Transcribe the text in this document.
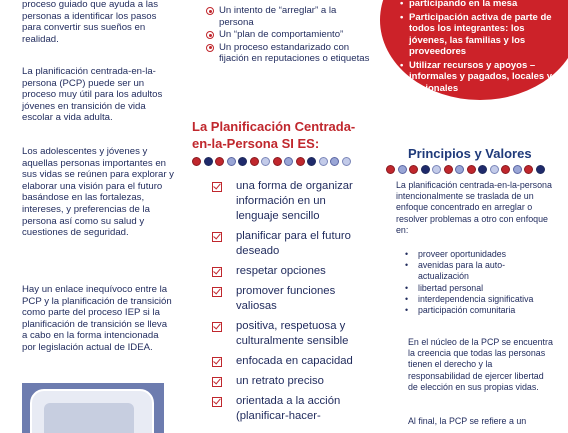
proceso guiado que ayuda a las personas a identificar los pasos para convertir sus sueños en realidad.

La planificación centrada-en-la-persona (PCP) puede ser un proceso muy útil para los adultos jóvenes en transición de vida escolar a vida adulta.

Los adolescentes y jóvenes y aquellas personas importantes en sus vidas se reúnen para explorar y elaborar una visión para el futuro basándose en las fortalezas, intereses, y preferencias de la persona así como su salud y cuestiones de seguridad.

Hay un enlace inequívoco entre la PCP y la planificación de transición como parte del proceso IEP si la planificación de transición se lleva a cabo en la forma intencionada por legislación actual de IDEA.

Un intento de “arreglar” a la persona
Un “plan de comportamiento”
Un proceso estandarizado con fijación en reputaciones o etiquetas
La Planificación Centrada-en-la-Persona SI ES:
una forma de organizar información en un lenguaje sencillo
planificar para el futuro deseado
respetar opciones
promover funciones valiosas
positiva, respetuosa y culturalmente sensible
enfocada en capacidad
un retrato preciso
orientada a la acción (planificar-hacer-
• participando en la mesa
• Participación activa de parte de todos los integrantes: los jóvenes, las familias y los proveedores
• Utilizar recursos y apoyos – informales y pagados, locales y nacionales
Principios y Valores

La planificación centrada-en-la-persona intencionalmente se traslada de un enfoque concentrado en arreglar o resolver problemas a otro con enfoque en:

• proveer oportunidades
• avenidas para la auto-actualización
• libertad personal
• interdependencia significativa
• participación comunitaria

En el núcleo de la PCP se encuentra la creencia que todas las personas tienen el derecho y la responsabilidad de ejercer libertad de elección en sus propias vidas.

Al final, la PCP se refiere a un
